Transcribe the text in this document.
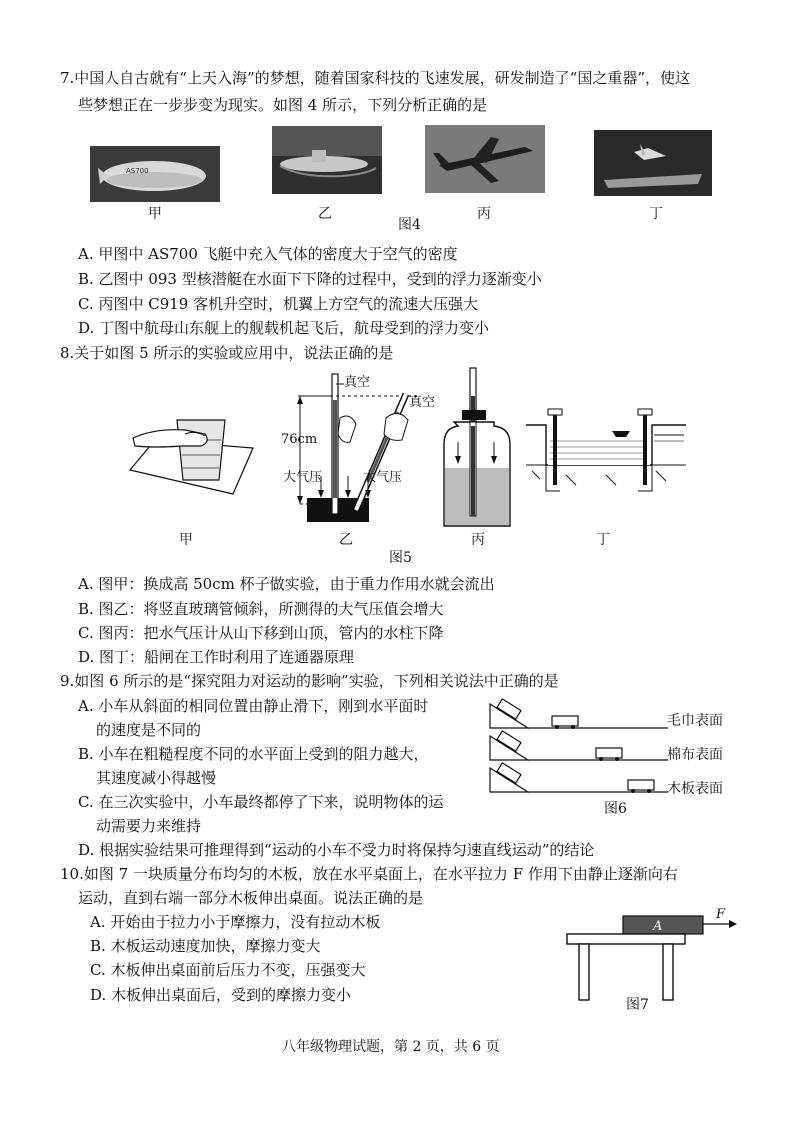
7.中国人自古就有“上天入海”的梦想，随着国家科技的飞速发展，研发制造了“国之重器”，使这
些梦想正在一步步变为现实。如图 4 所示，下列分析正确的是
AS700
甲	乙	丙	丁
图4
A. 甲图中 AS700 飞艇中充入气体的密度大于空气的密度
B. 乙图中 093 型核潜艇在水面下下降的过程中，受到的浮力逐渐变小
C. 丙图中 C919 客机升空时，机翼上方空气的流速大压强大
D. 丁图中航母山东舰上的舰载机起飞后，航母受到的浮力变小
8.关于如图 5 所示的实验或应用中，说法正确的是
真空
真空
76cm
大气压	大气压
甲	乙	丙	丁
图5
A. 图甲：换成高 50cm 杯子做实验，由于重力作用水就会流出
B. 图乙：将竖直玻璃管倾斜，所测得的大气压值会增大
C. 图丙：把水气压计从山下移到山顶，管内的水柱下降
D. 图丁：船闸在工作时利用了连通器原理
9.如图 6 所示的是“探究阻力对运动的影响”实验，下列相关说法中正确的是
A. 小车从斜面的相同位置由静止滑下，刚到水平面时
的速度是不同的
B. 小车在粗糙程度不同的水平面上受到的阻力越大，
其速度减小得越慢
C. 在三次实验中，小车最终都停了下来，说明物体的运
动需要力来维持
D. 根据实验结果可推理得到“运动的小车不受力时将保持匀速直线运动”的结论
毛巾表面
棉布表面
木板表面
图6
10.如图 7 一块质量分布均匀的木板，放在水平桌面上，在水平拉力 F 作用下由静止逐渐向右
运动，直到右端一部分木板伸出桌面。说法正确的是
A. 开始由于拉力小于摩擦力，没有拉动木板
B. 木板运动速度加快，摩擦力变大
C. 木板伸出桌面前后压力不变，压强变大
D. 木板伸出桌面后，受到的摩擦力变小
A
F
图7
八年级物理试题，第 2 页，共 6 页
